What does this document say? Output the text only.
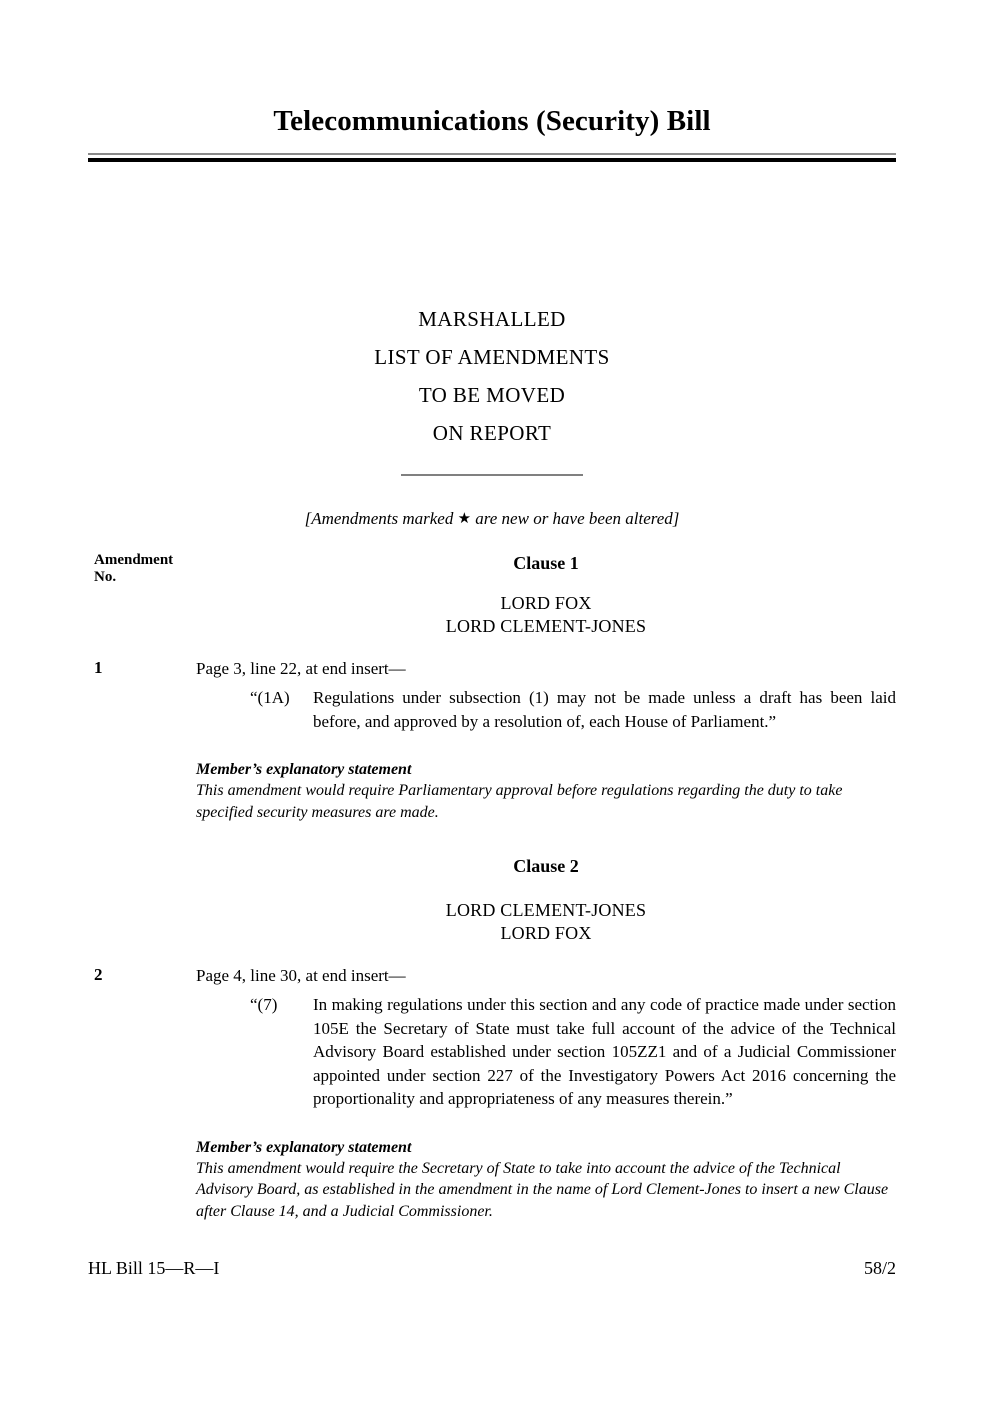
Telecommunications (Security) Bill
MARSHALLED
LIST OF AMENDMENTS
TO BE MOVED
ON REPORT
[Amendments marked ★ are new or have been altered]
Amendment
No.
Clause 1
LORD FOX
LORD CLEMENT-JONES
1	Page 3, line 22, at end insert—
“(1A)	Regulations under subsection (1) may not be made unless a draft has been laid before, and approved by a resolution of, each House of Parliament.”
Member’s explanatory statement
This amendment would require Parliamentary approval before regulations regarding the duty to take specified security measures are made.
Clause 2
LORD CLEMENT-JONES
LORD FOX
2	Page 4, line 30, at end insert—
“(7)	In making regulations under this section and any code of practice made under section 105E the Secretary of State must take full account of the advice of the Technical Advisory Board established under section 105ZZ1 and of a Judicial Commissioner appointed under section 227 of the Investigatory Powers Act 2016 concerning the proportionality and appropriateness of any measures therein.”
Member’s explanatory statement
This amendment would require the Secretary of State to take into account the advice of the Technical Advisory Board, as established in the amendment in the name of Lord Clement-Jones to insert a new Clause after Clause 14, and a Judicial Commissioner.
HL Bill 15—R—I	58/2
